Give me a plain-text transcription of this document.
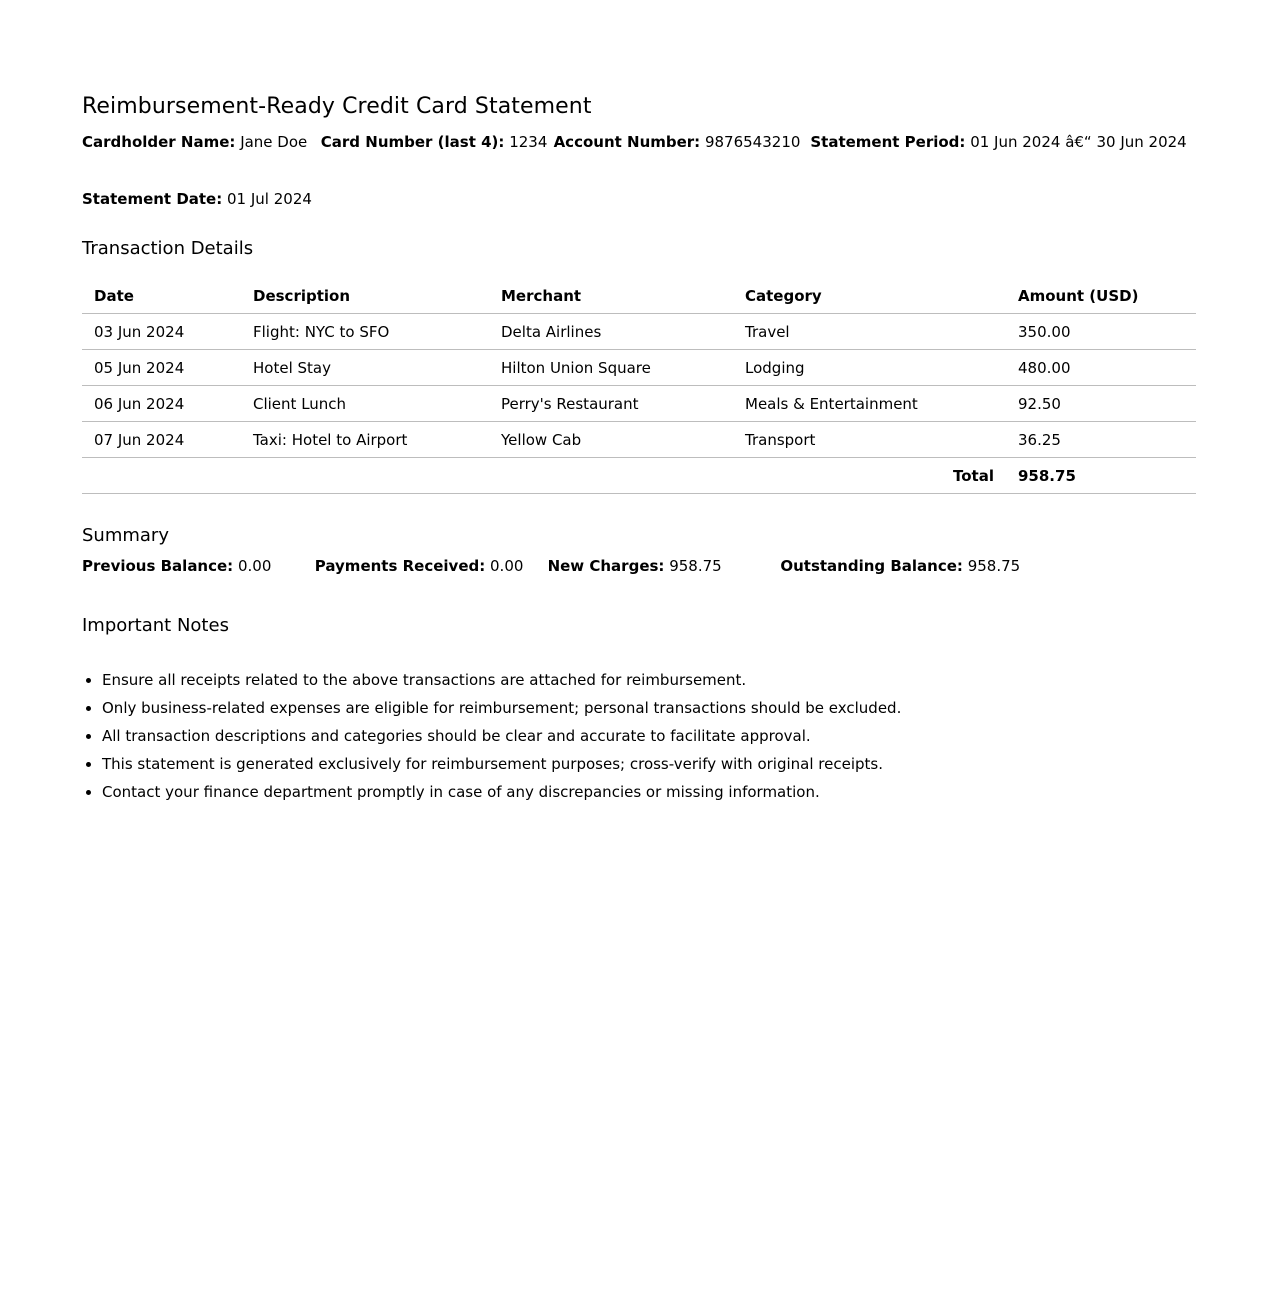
Reimbursement-Ready Credit Card Statement
Cardholder Name: Jane Doe Card Number (last 4): 1234 Account Number: 9876543210 Statement Period: 01 Jun 2024 â€“ 30 Jun 2024
Statement Date: 01 Jul 2024
Transaction Details
Date	Description	Merchant	Category	Amount (USD)
03 Jun 2024	Flight: NYC to SFO	Delta Airlines	Travel	350.00
05 Jun 2024	Hotel Stay	Hilton Union Square	Lodging	480.00
06 Jun 2024	Client Lunch	Perry's Restaurant	Meals & Entertainment	92.50
07 Jun 2024	Taxi: Hotel to Airport	Yellow Cab	Transport	36.25
Total				958.75
Summary
Previous Balance: 0.00	Payments Received: 0.00 New Charges: 958.75	Outstanding Balance: 958.75
Important Notes
• Ensure all receipts related to the above transactions are attached for reimbursement.
• Only business-related expenses are eligible for reimbursement; personal transactions should be excluded.
• All transaction descriptions and categories should be clear and accurate to facilitate approval.
• This statement is generated exclusively for reimbursement purposes; cross-verify with original receipts.
• Contact your finance department promptly in case of any discrepancies or missing information.
